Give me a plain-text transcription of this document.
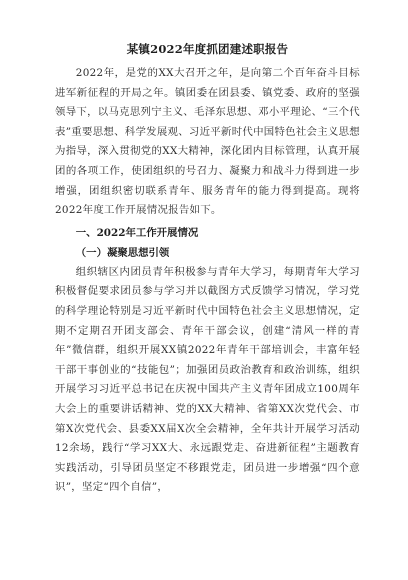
某镇2022年度抓团建述职报告

2022年，是党的XX大召开之年，是向第二个百年奋斗目标进军新征程的开局之年。镇团委在团县委、镇党委、政府的坚强领导下，以马克思列宁主义、毛泽东思想、邓小平理论、“三个代表”重要思想、科学发展观、习近平新时代中国特色社会主义思想为指导，深入贯彻党的XX大精神，深化团内目标管理，认真开展团的各项工作，使团组织的号召力、凝聚力和战斗力得到进一步增强，团组织密切联系青年、服务青年的能力得到提高。现将2022年度工作开展情况报告如下。

一、2022年工作开展情况
（一）凝聚思想引领

组织辖区内团员青年积极参与青年大学习，每期青年大学习积极督促要求团员参与学习并以截图方式反馈学习情况，学习党的科学理论特别是习近平新时代中国特色社会主义思想情况，定期不定期召开团支部会、青年干部会议，创建“清风一样的青年”微信群，组织开展XX镇2022年青年干部培训会，丰富年轻干部干事创业的“技能包”；加强团员政治教育和政治训练，组织开展学习习近平总书记在庆祝中国共产主义青年团成立100周年大会上的重要讲话精神、党的XX大精神、省第XX次党代会、市第X次党代会、县委XX届X次全会精神，全年共计开展学习活动12余场，践行“学习XX大、永远跟党走、奋进新征程”主题教育实践活动，引导团员坚定不移跟党走，团员进一步增强“四个意识”，坚定“四个自信”，
